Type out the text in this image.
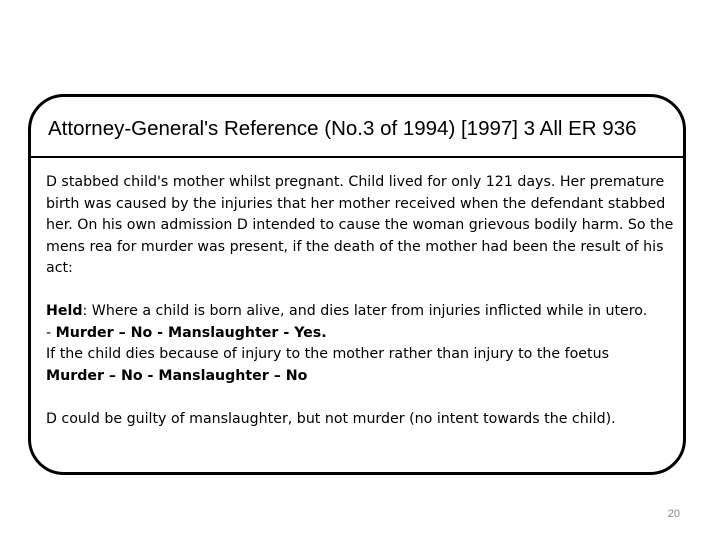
Attorney-General's Reference (No.3 of 1994) [1997] 3 All ER 936

D stabbed child's mother whilst pregnant. Child lived for only 121 days. Her premature birth was caused by the injuries that her mother received when the defendant stabbed her. On his own admission D intended to cause the woman grievous bodily harm. So the mens rea for murder was present, if the death of the mother had been the result of his act:

Held: Where a child is born alive, and dies later from injuries inflicted while in utero.

- Murder – No - Manslaughter - Yes.

If the child dies because of injury to the mother rather than injury to the foetus

Murder – No - Manslaughter – No

D could be guilty of manslaughter, but not murder (no intent towards the child).

20
